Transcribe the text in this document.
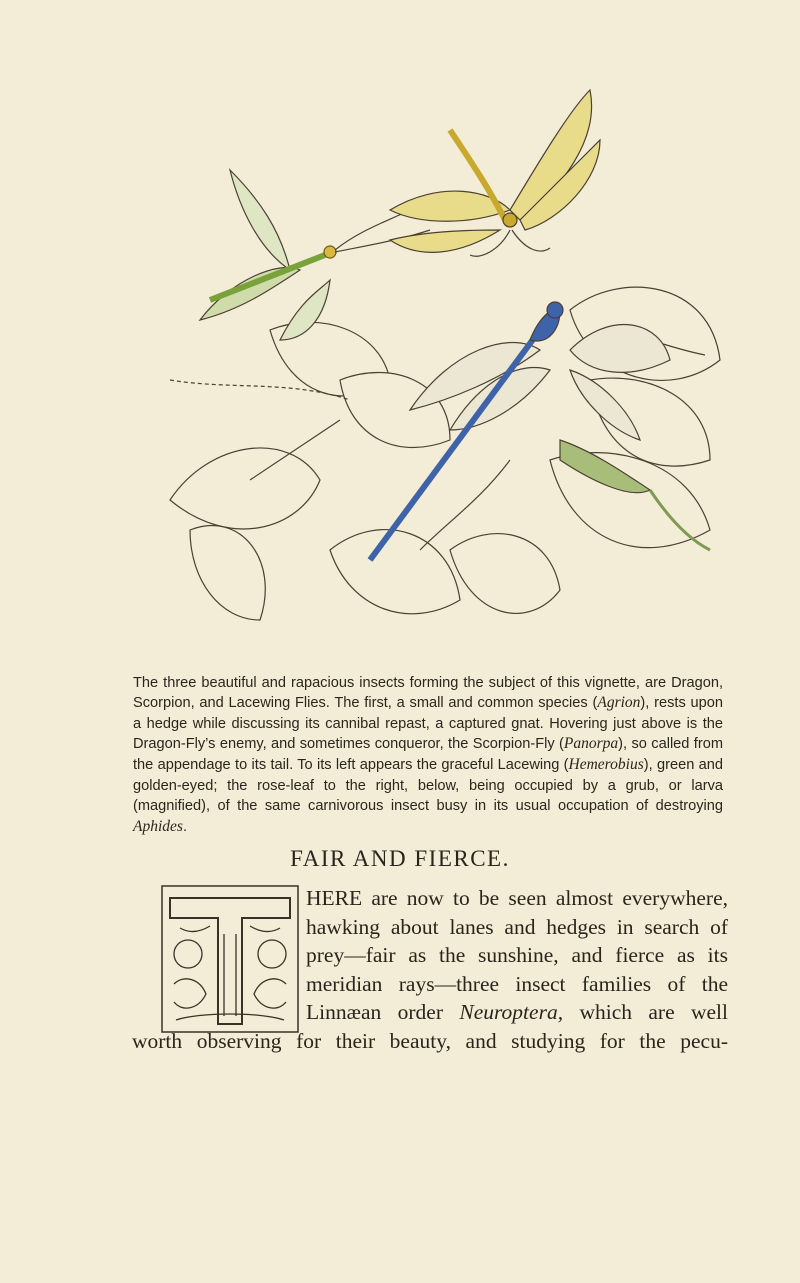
The three beautiful and rapacious insects forming the subject of this vignette, are Dragon, Scorpion, and Lacewing Flies. The first, a small and common species (Agrion), rests upon a hedge while discussing its cannibal repast, a captured gnat. Hovering just above is the Dragon-Fly’s enemy, and sometimes conqueror, the Scorpion-Fly (Panorpa), so called from the appendage to its tail. To its left appears the graceful Lacewing (Hemerobius), green and golden-eyed; the rose-leaf to the right, below, being occupied by a grub, or larva (magnified), of the same carnivorous insect busy in its usual occupation of destroying Aphides.

FAIR AND FIERCE.
HERE are now to be seen almost everywhere,
hawking about lanes and hedges in search of
prey—fair as the sunshine, and fierce as its
meridian rays—three insect families of the
Linnæan order Neuroptera, which are well
worth observing for their beauty, and studying for the pecu-
